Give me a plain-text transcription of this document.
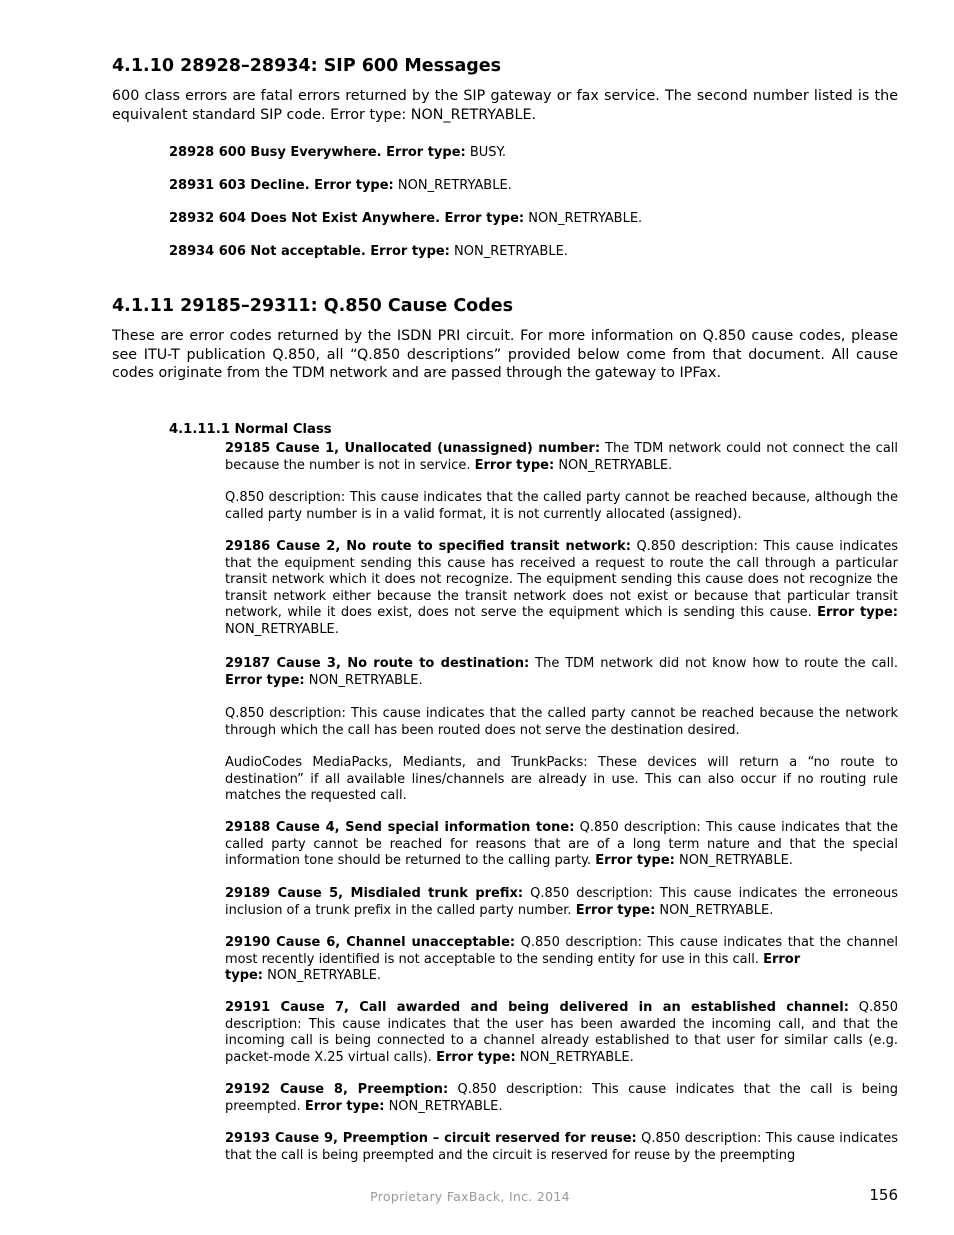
4.1.10 28928–28934: SIP 600 Messages
600 class errors are fatal errors returned by the SIP gateway or fax service. The second number listed is the equivalent standard SIP code. Error type: NON_RETRYABLE.
28928 600 Busy Everywhere. Error type: BUSY.
28931 603 Decline. Error type: NON_RETRYABLE.
28932 604 Does Not Exist Anywhere. Error type: NON_RETRYABLE.
28934 606 Not acceptable. Error type: NON_RETRYABLE.
4.1.11 29185–29311: Q.850 Cause Codes
These are error codes returned by the ISDN PRI circuit. For more information on Q.850 cause codes, please see ITU-T publication Q.850, all “Q.850 descriptions” provided below come from that document. All cause codes originate from the TDM network and are passed through the gateway to IPFax.
4.1.11.1 Normal Class
29185 Cause 1, Unallocated (unassigned) number: The TDM network could not connect the call because the number is not in service. Error type: NON_RETRYABLE.
Q.850 description: This cause indicates that the called party cannot be reached because, although the called party number is in a valid format, it is not currently allocated (assigned).
29186 Cause 2, No route to specified transit network: Q.850 description: This cause indicates that the equipment sending this cause has received a request to route the call through a particular transit network which it does not recognize. The equipment sending this cause does not recognize the transit network either because the transit network does not exist or because that particular transit network, while it does exist, does not serve the equipment which is sending this cause. Error type: NON_RETRYABLE.
29187 Cause 3, No route to destination: The TDM network did not know how to route the call. Error type: NON_RETRYABLE.
Q.850 description: This cause indicates that the called party cannot be reached because the network through which the call has been routed does not serve the destination desired.
AudioCodes MediaPacks, Mediants, and TrunkPacks: These devices will return a “no route to destination” if all available lines/channels are already in use. This can also occur if no routing rule matches the requested call.
29188 Cause 4, Send special information tone: Q.850 description: This cause indicates that the called party cannot be reached for reasons that are of a long term nature and that the special information tone should be returned to the calling party. Error type: NON_RETRYABLE.
29189 Cause 5, Misdialed trunk prefix: Q.850 description: This cause indicates the erroneous inclusion of a trunk prefix in the called party number. Error type: NON_RETRYABLE.
29190 Cause 6, Channel unacceptable: Q.850 description: This cause indicates that the channel most recently identified is not acceptable to the sending entity for use in this call. Error
type: NON_RETRYABLE.
29191 Cause 7, Call awarded and being delivered in an established channel: Q.850 description: This cause indicates that the user has been awarded the incoming call, and that the incoming call is being connected to a channel already established to that user for similar calls (e.g. packet-mode X.25 virtual calls). Error type: NON_RETRYABLE.
29192 Cause 8, Preemption: Q.850 description: This cause indicates that the call is being preempted. Error type: NON_RETRYABLE.
29193 Cause 9, Preemption – circuit reserved for reuse: Q.850 description: This cause indicates that the call is being preempted and the circuit is reserved for reuse by the preempting
Proprietary FaxBack, Inc. 2014	156
